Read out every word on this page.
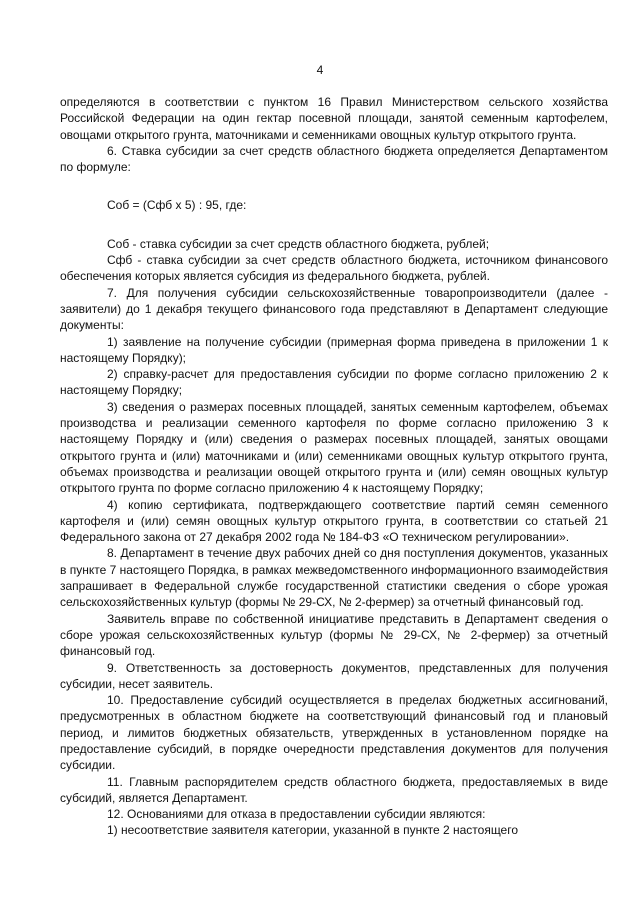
4

определяются в соответствии с пунктом 16 Правил Министерством сельского хозяйства Российской Федерации на один гектар посевной площади, занятой семенным картофелем, овощами открытого грунта, маточниками и семенниками овощных культур открытого грунта.

6. Ставка субсидии за счет средств областного бюджета определяется Департаментом по формуле:

Соб = (Сфб х 5) : 95, где:

Соб - ставка субсидии за счет средств областного бюджета, рублей;

Сфб - ставка субсидии за счет средств областного бюджета, источником финансового обеспечения которых является субсидия из федерального бюджета, рублей.

7. Для получения субсидии сельскохозяйственные товаропроизводители (далее - заявители) до 1 декабря текущего финансового года представляют в Департамент следующие документы:

1) заявление на получение субсидии (примерная форма приведена в приложении 1 к настоящему Порядку);

2) справку-расчет для предоставления субсидии по форме согласно приложению 2 к настоящему Порядку;

3) сведения о размерах посевных площадей, занятых семенным картофелем, объемах производства и реализации семенного картофеля по форме согласно приложению 3 к настоящему Порядку и (или) сведения о размерах посевных площадей, занятых овощами открытого грунта и (или) маточниками и (или) семенниками овощных культур открытого грунта, объемах производства и реализации овощей открытого грунта и (или) семян овощных культур открытого грунта по форме согласно приложению 4 к настоящему Порядку;

4) копию сертификата, подтверждающего соответствие партий семян семенного картофеля и (или) семян овощных культур открытого грунта, в соответствии со статьей 21 Федерального закона от 27 декабря 2002 года № 184-ФЗ «О техническом регулировании».

8. Департамент в течение двух рабочих дней со дня поступления документов, указанных в пункте 7 настоящего Порядка, в рамках межведомственного информационного взаимодействия запрашивает в Федеральной службе государственной статистики сведения о сборе урожая сельскохозяйственных культур (формы № 29-СХ, № 2-фермер) за отчетный финансовый год.

Заявитель вправе по собственной инициативе представить в Департамент сведения о сборе урожая сельскохозяйственных культур (формы № 29-СХ, № 2-фермер) за отчетный финансовый год.

9. Ответственность за достоверность документов, представленных для получения субсидии, несет заявитель.

10. Предоставление субсидий осуществляется в пределах бюджетных ассигнований, предусмотренных в областном бюджете на соответствующий финансовый год и плановый период, и лимитов бюджетных обязательств, утвержденных в установленном порядке на предоставление субсидий, в порядке очередности представления документов для получения субсидии.

11. Главным распорядителем средств областного бюджета, предоставляемых в виде субсидий, является Департамент.

12. Основаниями для отказа в предоставлении субсидии являются:

1) несоответствие заявителя категории, указанной в пункте 2 настоящего
